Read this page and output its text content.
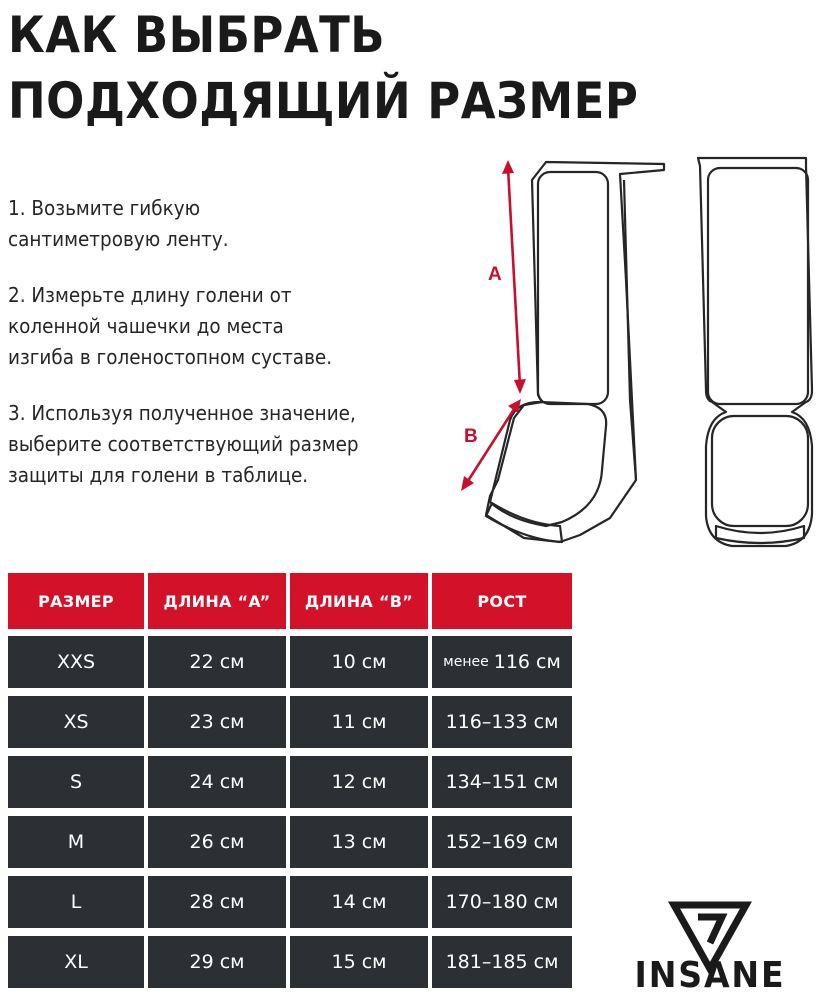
КАК ВЫБРАТЬ
ПОДХОДЯЩИЙ РАЗМЕР

1. Возьмите гибкую
сантиметровую ленту.

2. Измерьте длину голени от
коленной чашечки до места
изгиба в голеностопном суставе.

3. Используя полученное значение,
выберите соответствующий размер
защиты для голени в таблице.

A
B
РАЗМЕР	ДЛИНА “A”	ДЛИНА “B”	РОСТ
XXS	22 см	10 см	менее 116 см
XS	23 см	11 см	116–133 см
S	24 см	12 см	134–151 см
M	26 см	13 см	152–169 см
L	28 см	14 см	170–180 см
XL	29 см	15 см	181–185 см	INSANE
